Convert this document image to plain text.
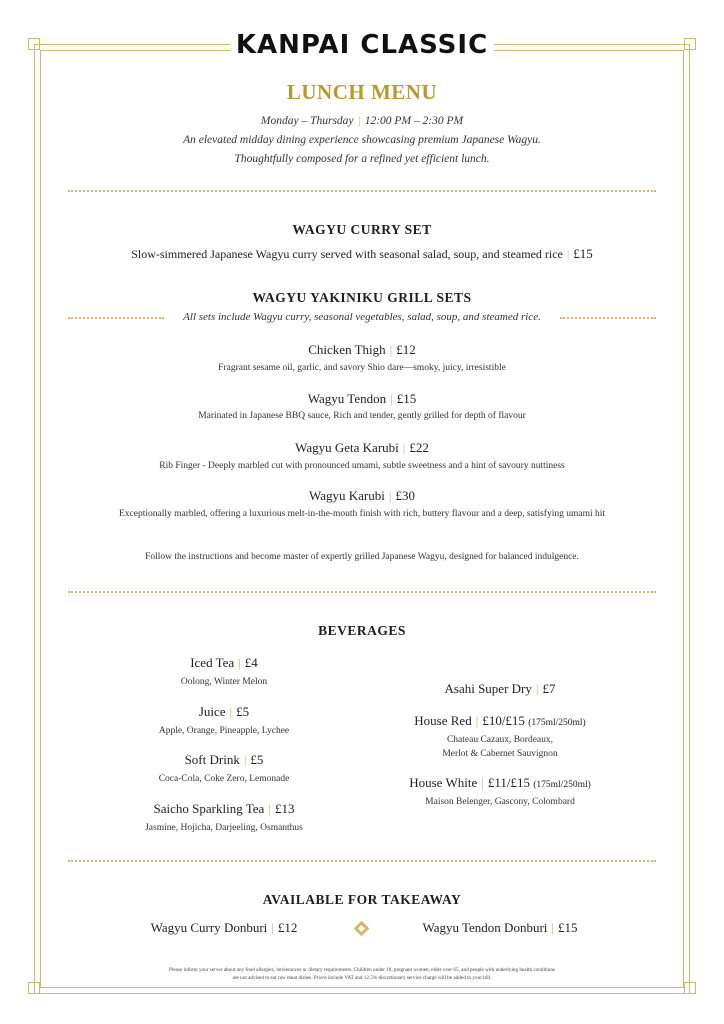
KANPAI CLASSIC
LUNCH MENU
Monday – Thursday | 12:00 PM – 2:30 PM
An elevated midday dining experience showcasing premium Japanese Wagyu.
Thoughtfully composed for a refined yet efficient lunch.
WAGYU CURRY SET
Slow-simmered Japanese Wagyu curry served with seasonal salad, soup, and steamed rice | £15
WAGYU YAKINIKU GRILL SETS
All sets include Wagyu curry, seasonal vegetables, salad, soup, and steamed rice.
Chicken Thigh | £12
Fragrant sesame oil, garlic, and savory Shio dare—smoky, juicy, irresistible
Wagyu Tendon | £15
Marinated in Japanese BBQ sauce, Rich and tender, gently grilled for depth of flavour
Wagyu Geta Karubi | £22
Rib Finger - Deeply marbled cut with pronounced umami, subtle sweetness and a hint of savoury nuttiness
Wagyu Karubi | £30
Exceptionally marbled, offering a luxurious melt-in-the-mouth finish with rich, buttery flavour and a deep, satisfying umami hit
Follow the instructions and become master of expertly grilled Japanese Wagyu, designed for balanced indulgence.
BEVERAGES
Iced Tea | £4
Oolong, Winter Melon
Juice | £5
Apple, Orange, Pineapple, Lychee
Soft Drink | £5
Coca-Cola, Coke Zero, Lemonade
Saicho Sparkling Tea | £13
Jasmine, Hojicha, Darjeeling, Osmanthus
Asahi Super Dry | £7
House Red | £10/£15 (175ml/250ml)
Chateau Cazaux, Bordeaux,
Merlot & Cabernet Sauvignon
House White | £11/£15 (175ml/250ml)
Maison Belenger, Gascony, Colombard
AVAILABLE FOR TAKEAWAY
Wagyu Curry Donburi | £12	Wagyu Tendon Donburi | £15
Please inform your server about any food allergies, intolerances or dietary requirements. Children under 18, pregnant women, elder over 65, and people with underlying health conditions are not advised to eat raw meat dishes. Prices include VAT and 12.5% discretionary service charge will be added to your bill.
